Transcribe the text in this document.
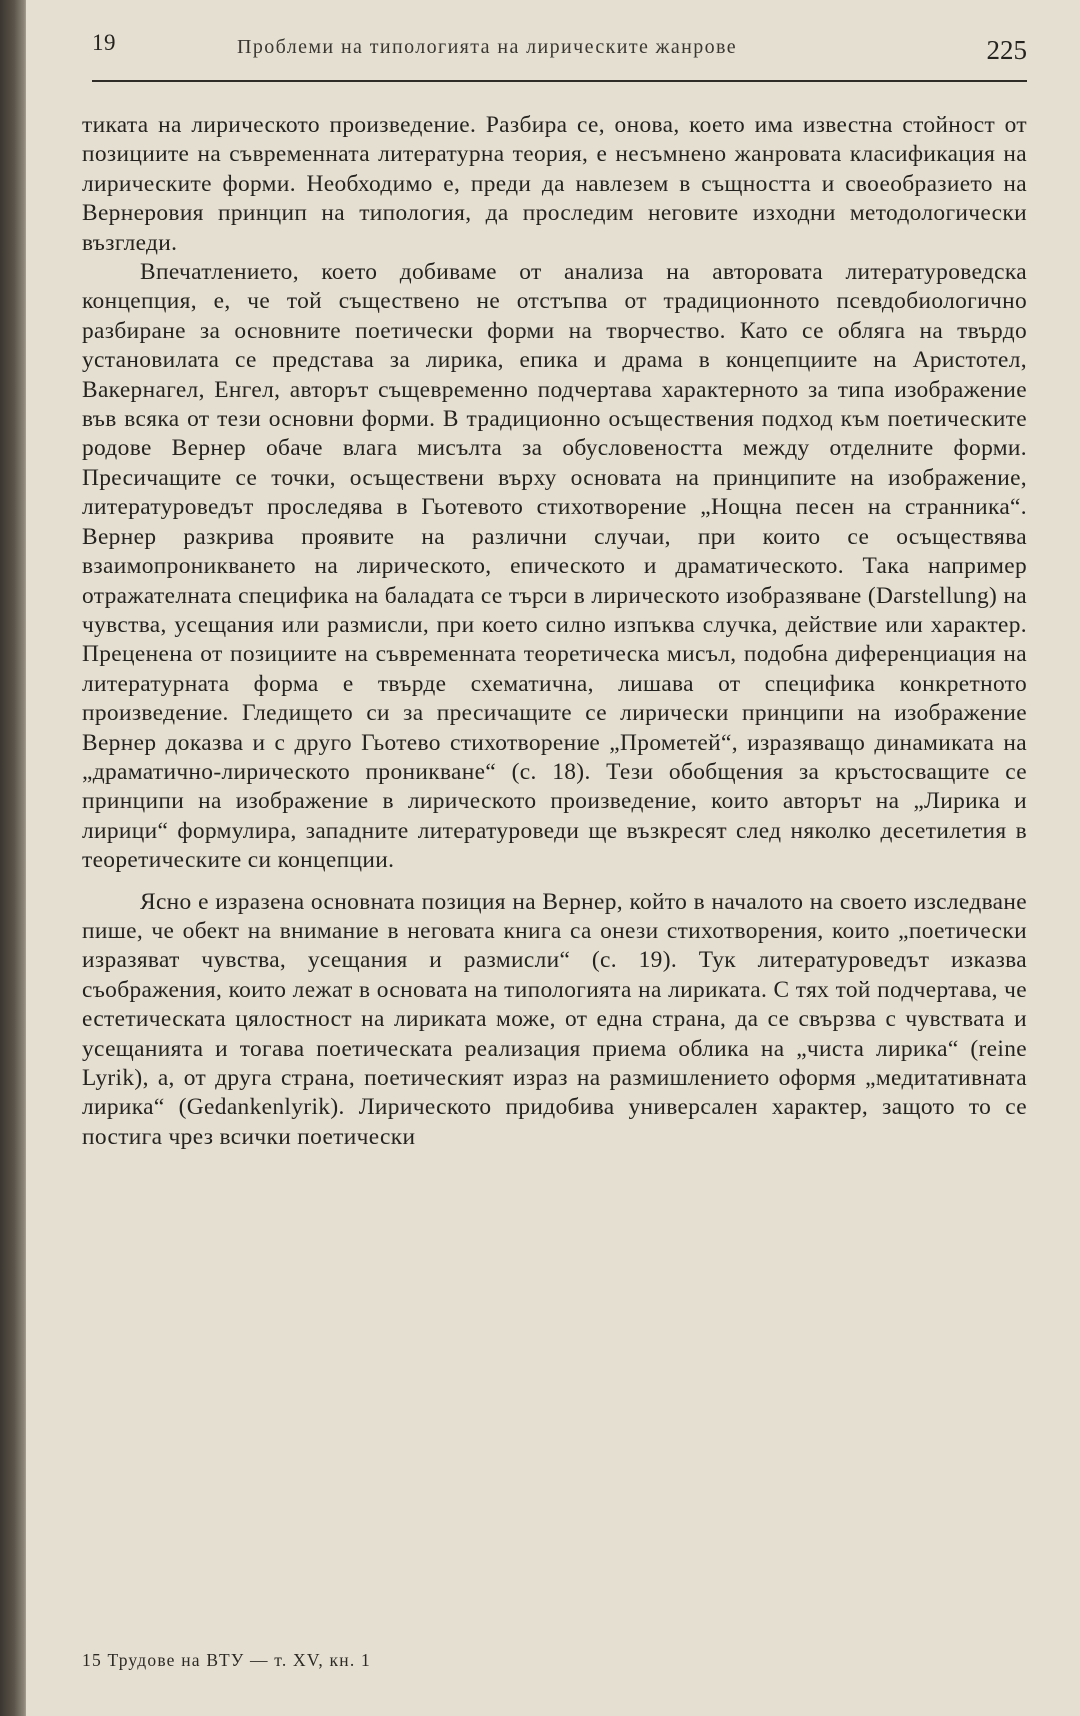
19	Проблеми на типологията на лирическите жанрове	225

тиката на лирическото произведение. Разбира се, онова, което има известна стойност от позициите на съвременната литературна теория, е несъмнено жанровата класификация на лирическите форми. Необходимо е, преди да навлезем в същността и своеобразието на Вернеровия принцип на типология, да проследим неговите изходни методологически възгледи.

Впечатлението, което добиваме от анализа на авторовата литературоведска концепция, е, че той съществено не отстъпва от традиционното псевдобиологично разбиране за основните поетически форми на творчество. Като се обляга на твърдо установилата се представа за лирика, епика и драма в концепциите на Аристотел, Вакернагел, Енгел, авторът същевременно подчертава характерното за типа изображение във всяка от тези основни форми. В традиционно осъществения подход към поетическите родове Вернер обаче влага мисълта за обусловеността между отделните форми. Пресичащите се точки, осъществени върху основата на принципите на изображение, литературоведът проследява в Гьотевото стихотворение „Нощна песен на странника“. Вернер разкрива проявите на различни случаи, при които се осъществява взаимопроникването на лирическото, епическото и драматическото. Така например отражателната специфика на баладата се търси в лирическото изобразяване (Darstellung) на чувства, усещания или размисли, при което силно изпъква случка, действие или характер. Преценена от позициите на съвременната теоретическа мисъл, подобна диференциация на литературната форма е твърде схематична, лишава от специфика конкретното произведение. Гледището си за пресичащите се лирически принципи на изображение Вернер доказва и с друго Гьотево стихотворение „Прометей“, изразяващо динамиката на „драматично-лирическото проникване“ (с. 18). Тези обобщения за кръстосващите се принципи на изображение в лирическото произведение, които авторът на „Лирика и лирици“ формулира, западните литературоведи ще възкресят след няколко десетилетия в теоретическите си концепции.

Ясно е изразена основната позиция на Вернер, който в началото на своето изследване пише, че обект на внимание в неговата книга са онези стихотворения, които „поетически изразяват чувства, усещания и размисли“ (с. 19). Тук литературоведът изказва съображения, които лежат в основата на типологията на лириката. С тях той подчертава, че естетическата цялостност на лириката може, от една страна, да се свързва с чувствата и усещанията и тогава поетическата реализация приема облика на „чиста лирика“ (reine Lyrik), а, от друга страна, поетическият израз на размишлението оформя „медитативната лирика“ (Gedankenlyrik). Лирическото придобива универсален характер, защото то се постига чрез всички поетически

15 Трудове на ВТУ — т. XV, кн. 1
